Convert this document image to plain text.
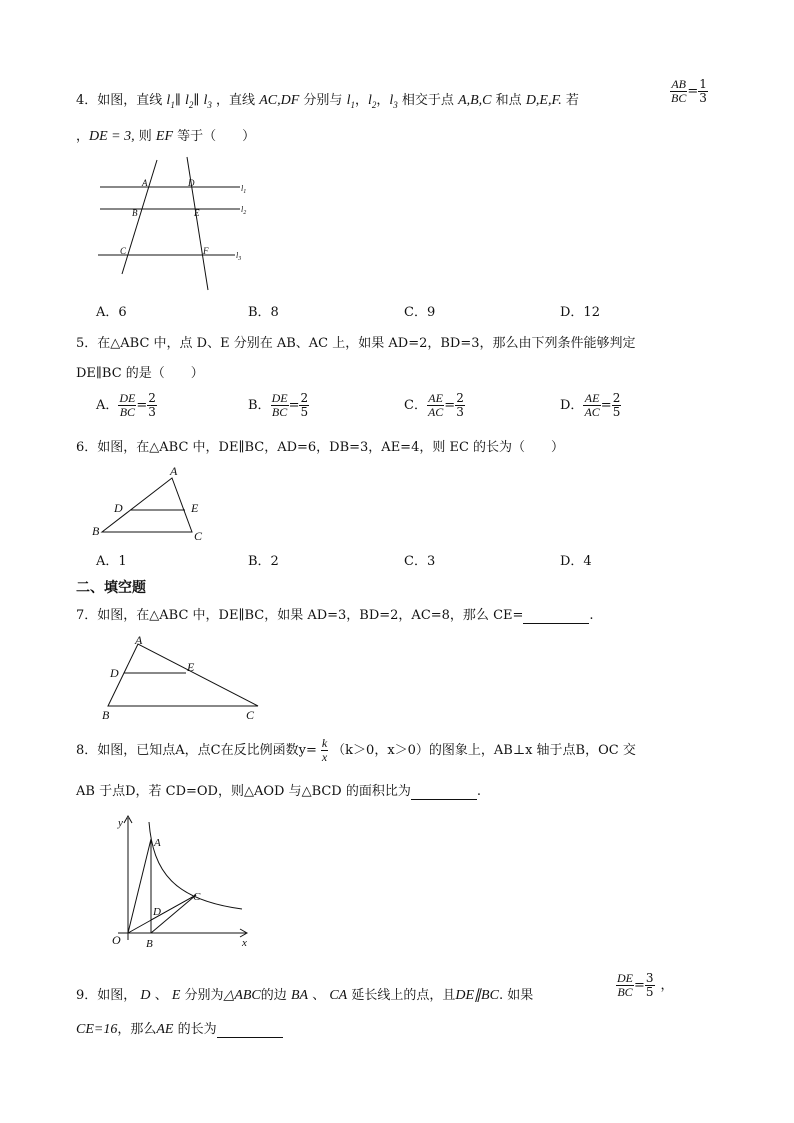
4．如图，直线 $l_1\parallel$ $l_2\parallel$ $l_3$ ，直线 AC,DF 分别与 $l_1$，$l_2$，$l_3$ 相交于点 A,B,C 和点 D,E,F. 若	$\frac{AB}{BC} = \frac{1}{3}$
，DE = 3, 则 EF 等于（　　）
A	D
B	E
C	F
$l_1$
$l_2$
$l_3$
A．6	B．8	C．9	D．12
5．在△ABC 中，点 D、E 分别在 AB、AC 上，如果 AD=2，BD=3，那么由下列条件能够判定
DE∥BC 的是（　　）
A． $\frac{DE}{BC} = \frac{2}{3}$	B． $\frac{DE}{BC} = \frac{2}{5}$	C． $\frac{AE}{AC} = \frac{2}{3}$	D． $\frac{AE}{AC} = \frac{2}{5}$
6．如图，在△ABC 中，DE∥BC，AD=6，DB=3，AE=4，则 EC 的长为（　　）
A
D	E
B	C
A．1	B．2	C．3	D．4
二、填空题
7．如图，在△ABC 中，DE∥BC，如果 AD=3，BD=2，AC=8，那么 CE=	.
A
D	E
B	C
8．如图，已知点A，点C在反比例函数$y= \frac{k}{x} (k>0$，x＞0）的图象上，AB⊥x 轴于点B，OC 交
AB 于点D，若 CD=OD，则△AOD 与△BCD 的面积比为	.
y
x
O
A
B
C
D
9．如图， D 、 E 分别为△ABC的边 BA 、 CA 延长线上的点，且DE∥BC. 如果	$\frac{DE}{BC} = \frac{3}{5}$ ，
CE=16，那么AE 的长为
